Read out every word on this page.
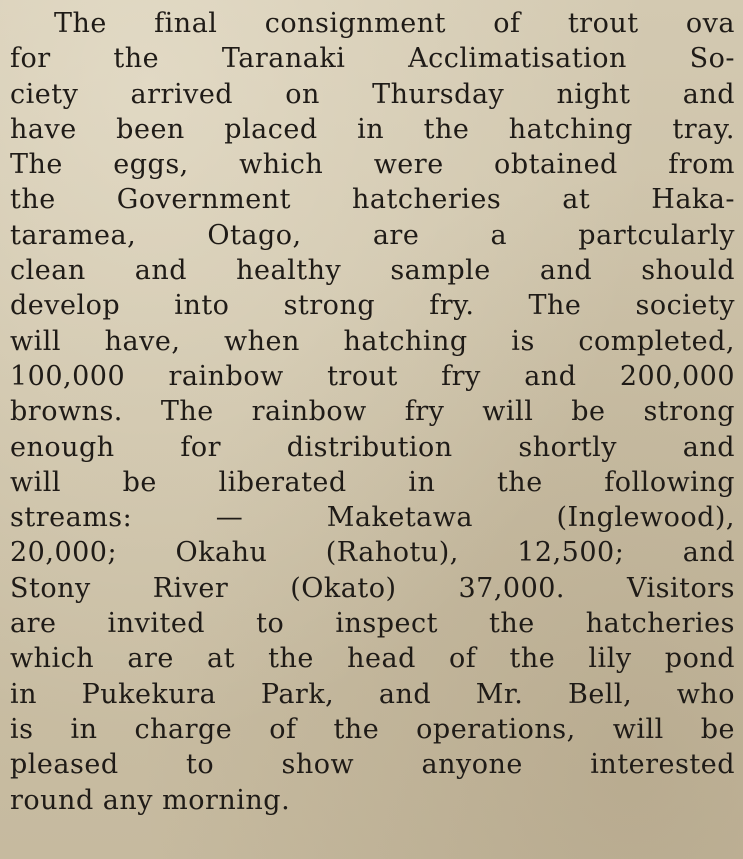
The final consignment of trout ova
for the Taranaki Acclimatisation So-
ciety arrived on Thursday night and
have been placed in the hatching tray.
The eggs, which were obtained from
the Government hatcheries at Haka-
taramea, Otago, are a partcularly
clean and healthy sample and should
develop into strong fry. The society
will have, when hatching is completed,
100,000 rainbow trout fry and 200,000
browns. The rainbow fry will be strong
enough for distribution shortly and
will be liberated in the following
streams: — Maketawa (Inglewood),
20,000; Okahu (Rahotu), 12,500; and
Stony River (Okato) 37,000. Visitors
are invited to inspect the hatcheries
which are at the head of the lily pond
in Pukekura Park, and Mr. Bell, who
is in charge of the operations, will be
pleased to show anyone interested
round any morning.
